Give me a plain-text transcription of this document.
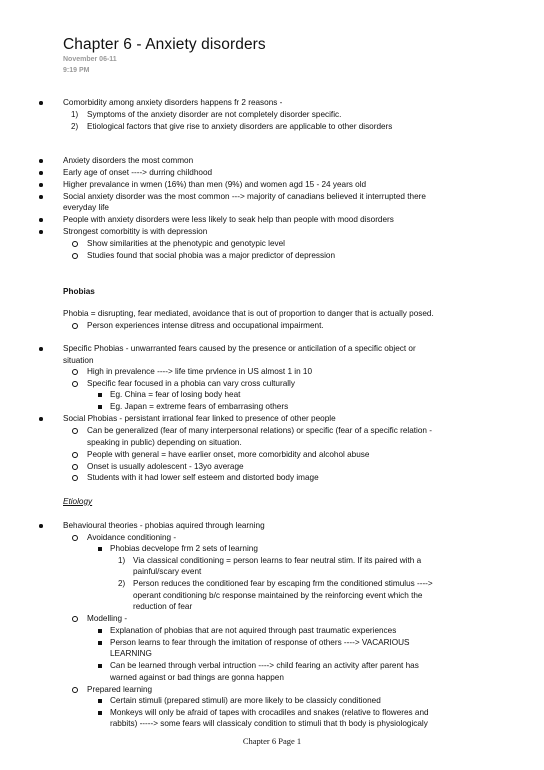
Chapter 6 - Anxiety disorders
November 06-11
9:19 PM
Comorbidity among anxiety disorders happens fr 2 reasons -
1) Symptoms of the anxiety disorder are not completely disorder specific.
2) Etiological factors that give rise to anxiety disorders are applicable to other disorders
Anxiety disorders the most common
Early age of onset ----> durring childhood
Higher prevalance in wmen (16%) than men (9%) and women agd 15 - 24 years old
Social anxiety disorder was the most common ---> majority of canadians believed it interrupted there
everyday life
People with anxiety disorders were less likely to seak help than people with mood disorders
Strongest comorbitity is with depression
Show similarities at the phenotypic and genotypic level
Studies found that social phobia was a major predictor of depression
Phobias
Phobia = disrupting, fear mediated, avoidance that is out of proportion to danger that is actually posed.
Person experiences intense ditress and occupational impairment.
Specific Phobias - unwarranted fears caused by the presence or anticilation of a specific object or
situation
High in prevalence ----> life time prvlence in US almost 1 in 10
Specific fear focused in a phobia can vary cross culturally
Eg. China = fear of losing body heat
Eg. Japan = extreme fears of embarrasing others
Social Phobias - persistant irrational fear linked to presence of other people
Can be generalized (fear of many interpersonal relations) or specific (fear of a specific relation -
speaking in public) depending on situation.
People with general = have earlier onset, more comorbidity and alcohol abuse
Onset is usually adolescent - 13yo average
Students with it had lower self esteem and distorted body image
Etiology
Behavioural theories - phobias aquired through learning
Avoidance conditioning -
Phobias decvelope frm 2 sets of learning
1) Via classical conditioning = person learns to fear neutral stim. If its paired with a
painful/scary event
2) Person reduces the conditioned fear by escaping frm the conditioned stimulus ---->
operant conditioning b/c response maintained by the reinforcing event which the
reduction of fear
Modelling -
Explanation of phobias that are not aquired through past traumatic experiences
Person learns to fear through the imitation of response of others ----> VACARIOUS
LEARNING
Can be learned through verbal intruction ----> child fearing an activity after parent has
warned against or bad things are gonna happen
Prepared learning
Certain stimuli (prepared stimuli) are more likely to be classicly conditioned
Monkeys will only be afraid of tapes with crocadiles and snakes (relative to floweres and
rabbits) -----> some fears will classicaly condition to stimuli that th body is physiologicaly
Chapter 6 Page 1
